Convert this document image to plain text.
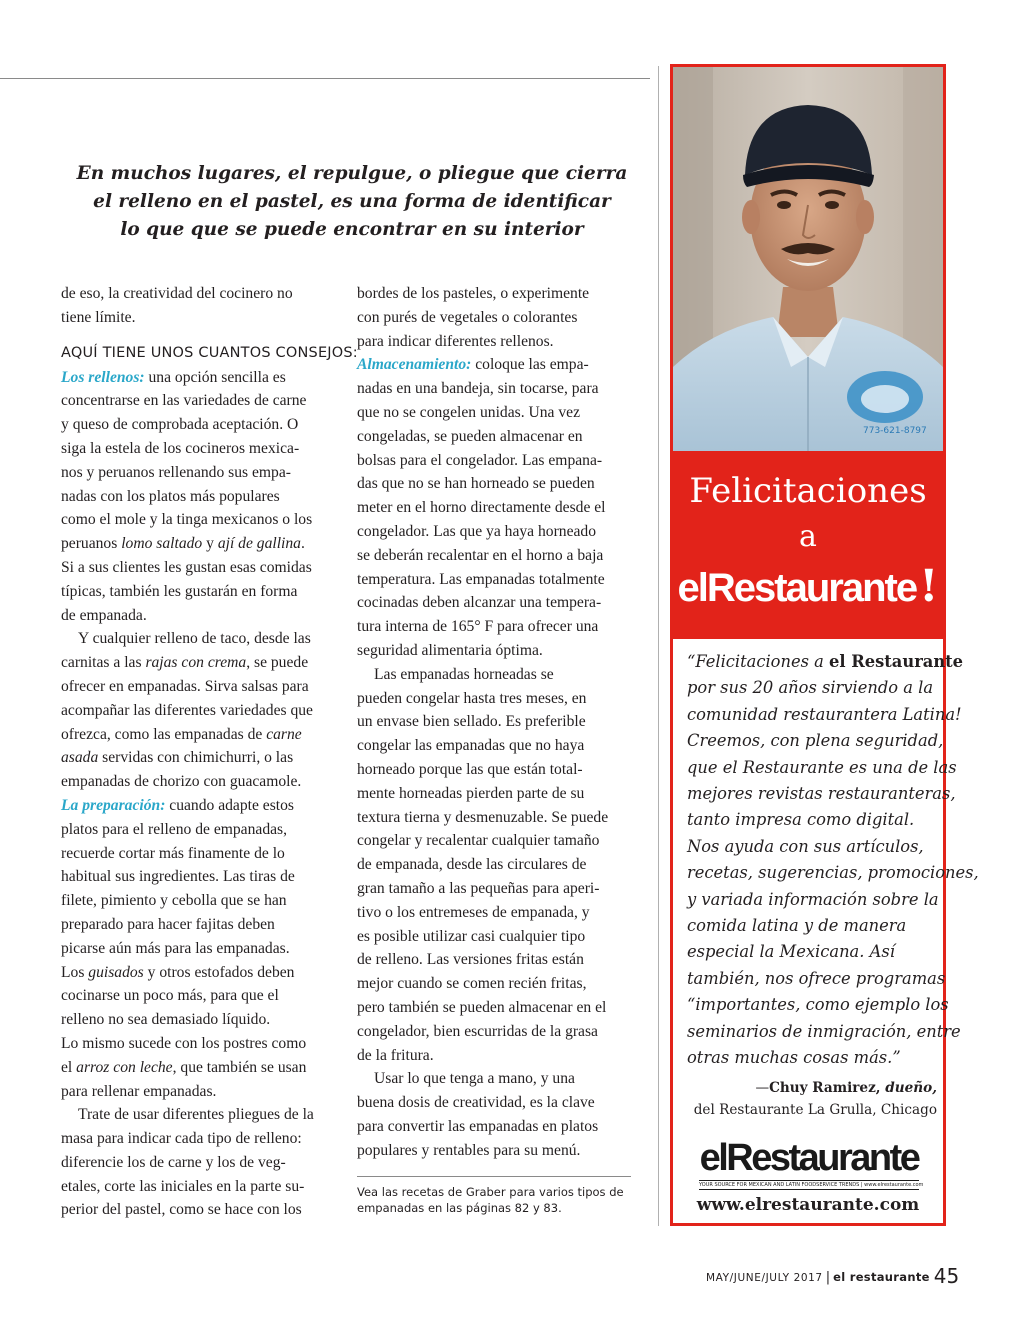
En muchos lugares, el repulgue, o pliegue que cierra
el relleno en el pastel, es una forma de identificar
lo que que se puede encontrar en su interior
de eso, la creatividad del cocinero no
tiene límite.
AQUÍ TIENE UNOS CUANTOS CONSEJOS:
Los rellenos: una opción sencilla es
concentrarse en las variedades de carne
y queso de comprobada aceptación. O
siga la estela de los cocineros mexica-
nos y peruanos rellenando sus empa-
nadas con los platos más populares
como el mole y la tinga mexicanos o los
peruanos lomo saltado y ají de gallina.
Si a sus clientes les gustan esas comidas
típicas, también les gustarán en forma
de empanada.
Y cualquier relleno de taco, desde las
carnitas a las rajas con crema, se puede
ofrecer en empanadas. Sirva salsas para
acompañar las diferentes variedades que
ofrezca, como las empanadas de carne
asada servidas con chimichurri, o las
empanadas de chorizo con guacamole.
La preparación: cuando adapte estos
platos para el relleno de empanadas,
recuerde cortar más finamente de lo
habitual sus ingredientes. Las tiras de
filete, pimiento y cebolla que se han
preparado para hacer fajitas deben
picarse aún más para las empanadas.
Los guisados y otros estofados deben
cocinarse un poco más, para que el
relleno no sea demasiado líquido.
Lo mismo sucede con los postres como
el arroz con leche, que también se usan
para rellenar empanadas.
Trate de usar diferentes pliegues de la
masa para indicar cada tipo de relleno:
diferencie los de carne y los de veg-
etales, corte las iniciales en la parte su-
perior del pastel, como se hace con los
bordes de los pasteles, o experimente
con purés de vegetales o colorantes
para indicar diferentes rellenos.
Almacenamiento: coloque las empa-
nadas en una bandeja, sin tocarse, para
que no se congelen unidas. Una vez
congeladas, se pueden almacenar en
bolsas para el congelador. Las empana-
das que no se han horneado se pueden
meter en el horno directamente desde el
congelador. Las que ya haya horneado
se deberán recalentar en el horno a baja
temperatura. Las empanadas totalmente
cocinadas deben alcanzar una tempera-
tura interna de 165° F para ofrecer una
seguridad alimentaria óptima.
Las empanadas horneadas se
pueden congelar hasta tres meses, en
un envase bien sellado. Es preferible
congelar las empanadas que no haya
horneado porque las que están total-
mente horneadas pierden parte de su
textura tierna y desmenuzable. Se puede
congelar y recalentar cualquier tamaño
de empanada, desde las circulares de
gran tamaño a las pequeñas para aperi-
tivo o los entremeses de empanada, y
es posible utilizar casi cualquier tipo
de relleno. Las versiones fritas están
mejor cuando se comen recién fritas,
pero también se pueden almacenar en el
congelador, bien escurridas de la grasa
de la fritura.
Usar lo que tenga a mano, y una
buena dosis de creatividad, es la clave
para convertir las empanadas en platos
populares y rentables para su menú.
Vea las recetas de Graber para varios tipos de
empanadas en las páginas 82 y 83.
773-621-8797
Felicitaciones
a
elRestaurante!
“Felicitaciones a el Restaurante
por sus 20 años sirviendo a la
comunidad restaurantera Latina!
Creemos, con plena seguridad,
que el Restaurante es una de las
mejores revistas restauranteras,
tanto impresa como digital.
Nos ayuda con sus artículos,
recetas, sugerencias, promociones,
y variada información sobre la
comida latina y de manera
especial la Mexicana. Así
también, nos ofrece programas
“importantes, como ejemplo los
seminarios de inmigración, entre
otras muchas cosas más.”
—Chuy Ramirez, dueño,
del Restaurante La Grulla, Chicago
elRestaurante
YOUR SOURCE FOR MEXICAN AND LATIN FOODSERVICE TRENDS | www.elrestaurante.com
www.elrestaurante.com
MAY/JUNE/JULY 2017 | el restaurante 45
